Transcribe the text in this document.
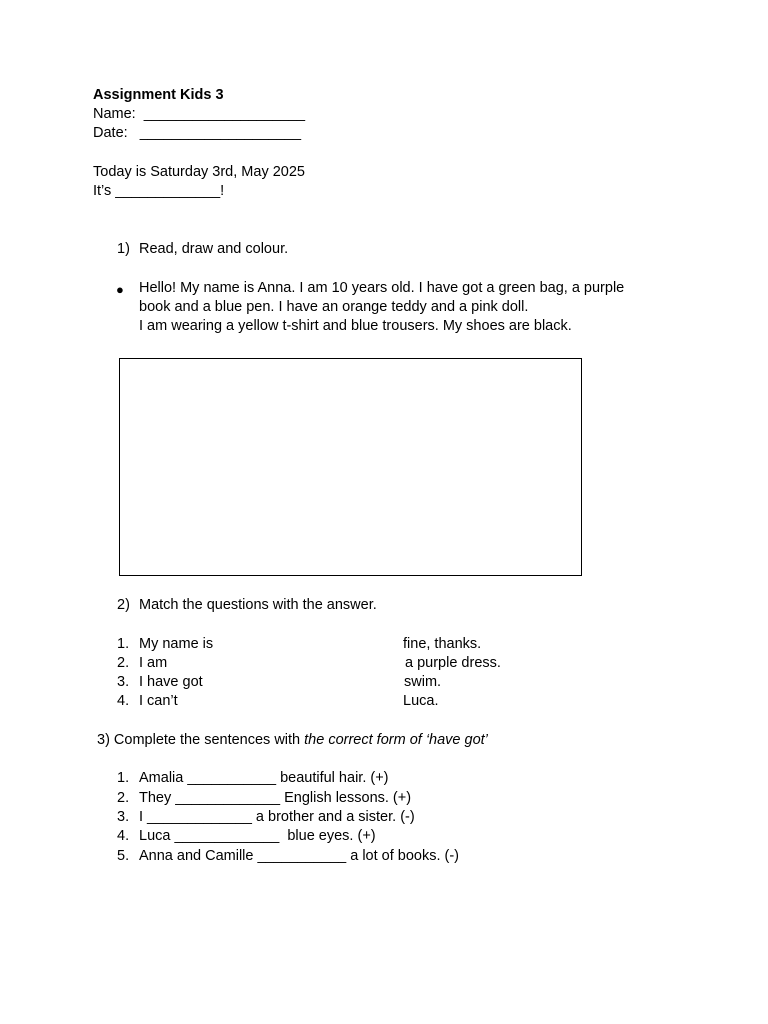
Assignment Kids 3
Name:  ____________________
Date:   ____________________
Today is Saturday 3rd, May 2025
It’s _____________!
1) Read, draw and colour.
● Hello! My name is Anna. I am 10 years old. I have got a green bag, a purple
book and a blue pen. I have an orange teddy and a pink doll.
I am wearing a yellow t-shirt and blue trousers. My shoes are black.
2) Match the questions with the answer.
1. My name is	fine, thanks.
2. I am	a purple dress.
3. I have got	swim.
4. I can’t	Luca.
3) Complete the sentences with the correct form of ‘have got’
1. Amalia ___________ beautiful hair. (+)
2. They _____________ English lessons. (+)
3. I _____________ a brother and a sister. (-)
4. Luca _____________  blue eyes. (+)
5. Anna and Camille ___________ a lot of books. (-)
